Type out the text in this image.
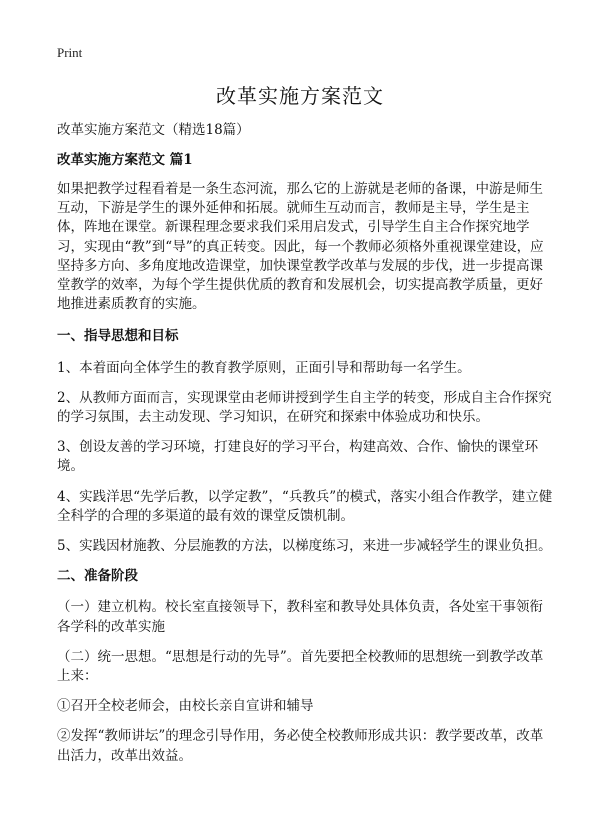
Print
改革实施方案范文
改革实施方案范文（精选18篇）
改革实施方案范文 篇1

如果把教学过程看着是一条生态河流，那么它的上游就是老师的备课，中游是师生互动，下游是学生的课外延伸和拓展。就师生互动而言，教师是主导，学生是主体，阵地在课堂。新课程理念要求我们采用启发式，引导学生自主合作探究地学习，实现由“教”到“导”的真正转变。因此，每一个教师必须格外重视课堂建设，应坚持多方向、多角度地改造课堂，加快课堂教学改革与发展的步伐，进一步提高课堂教学的效率，为每个学生提供优质的教育和发展机会，切实提高教学质量，更好地推进素质教育的实施。

一、指导思想和目标

1、本着面向全体学生的教育教学原则，正面引导和帮助每一名学生。

2、从教师方面而言，实现课堂由老师讲授到学生自主学的转变，形成自主合作探究的学习氛围，去主动发现、学习知识，在研究和探索中体验成功和快乐。

3、创设友善的学习环境，打建良好的学习平台，构建高效、合作、愉快的课堂环境。

4、实践洋思“先学后教，以学定教”，“兵教兵”的模式，落实小组合作教学，建立健全科学的合理的多渠道的最有效的课堂反馈机制。

5、实践因材施教、分层施教的方法，以梯度练习，来进一步减轻学生的课业负担。

二、准备阶段

（一）建立机构。校长室直接领导下，教科室和教导处具体负责，各处室干事领衔各学科的改革实施

（二）统一思想。“思想是行动的先导”。首先要把全校教师的思想统一到教学改革上来：

①召开全校老师会，由校长亲自宣讲和辅导

②发挥“教师讲坛”的理念引导作用，务必使全校教师形成共识：教学要改革，改革出活力，改革出效益。
